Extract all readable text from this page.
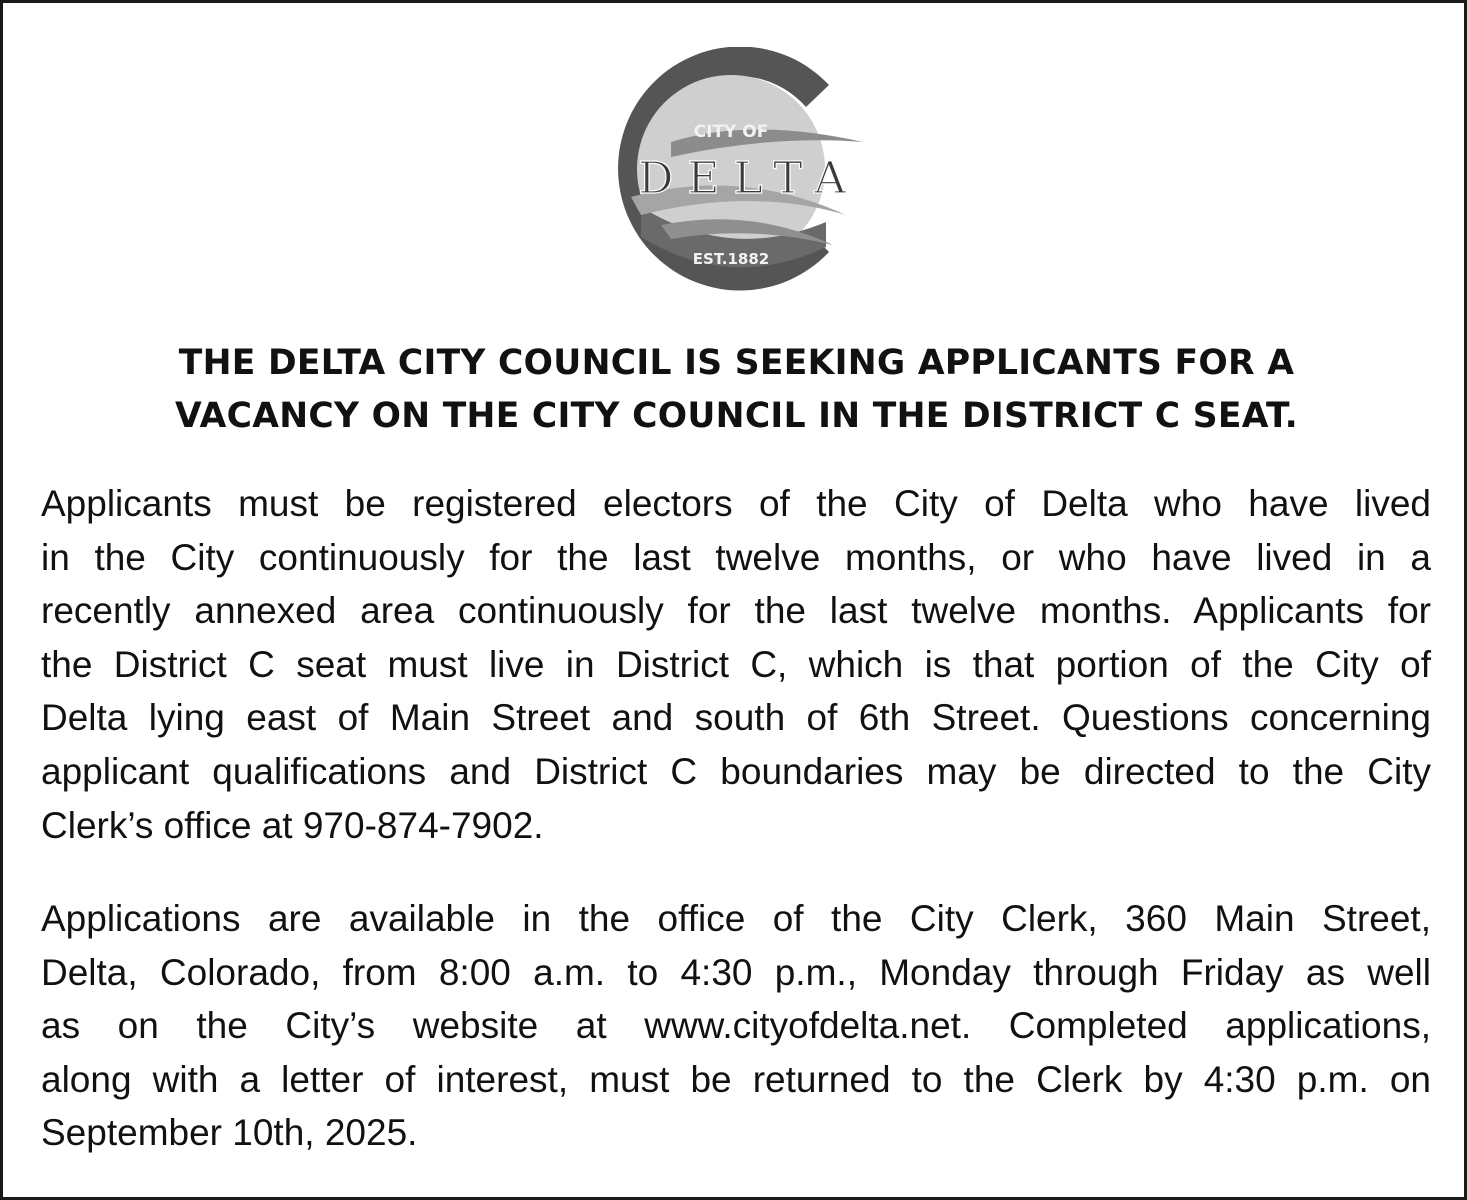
CITY OF
DELTA
EST.1882
THE DELTA CITY COUNCIL IS SEEKING APPLICANTS FOR A
VACANCY ON THE CITY COUNCIL IN THE DISTRICT C SEAT.

Applicants must be registered electors of the City of Delta who have lived
in the City continuously for the last twelve months, or who have lived in a
recently annexed area continuously for the last twelve months. Applicants for
the District C seat must live in District C, which is that portion of the City of
Delta lying east of Main Street and south of 6th Street. Questions concerning
applicant qualifications and District C boundaries may be directed to the City
Clerk’s office at 970-874-7902.

Applications are available in the office of the City Clerk, 360 Main Street,
Delta, Colorado, from 8:00 a.m. to 4:30 p.m., Monday through Friday as well
as on the City’s website at www.cityofdelta.net. Completed applications,
along with a letter of interest, must be returned to the Clerk by 4:30 p.m. on
September 10th, 2025.
